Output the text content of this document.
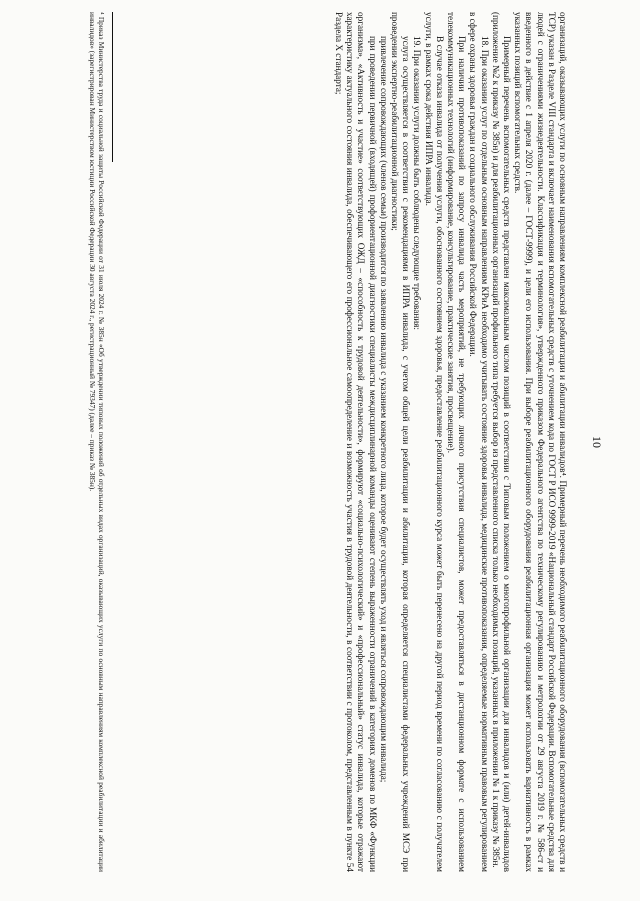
10

организаций, оказывающих услуги по основным направлениям комплексной реабилитации и абилитации инвалидов⁴. Примерный перечень необходимого реабилитационного оборудования (вспомогательных средств и ТСР) указан в Разделе VIII стандарта и включает наименования вспомогательных средств с уточнением кода по ГОСТ Р ИСО 9999-2019 «Национальный стандарт Российской Федерации. Вспомогательные средства для людей с ограничениями жизнедеятельности. Классификация и терминология», утвержденного приказом Федерального агентства по техническому регулированию и метрологии от 29 августа 2019 г. № 586-ст и введенного в действие с 1 апреля 2020 г. (далее – ГОСТ-9999), и цели его использования. При выборе реабилитационного оборудования реабилитационная организация может использовать вариативность в рамках указанных позиций вспомогательных средств.

Примерный перечень вспомогательных средств представлен максимальным числом позиций в соответствии с Типовым положением о многопрофильной организации для инвалидов и (или) детей-инвалидов (приложение №2 к приказу № 385н) и для реабилитационных организаций профильного типа требуется выбор из представленного списка только необходимых позиций, указанных в приложении № 1 к приказу № 385н.

18. При оказании услуг по отдельным основным направлениям КРиА необходимо учитывать состояние здоровья инвалида, медицинские противопоказания, определяемые нормативным правовым регулированием в сфере охраны здоровья граждан и социального обслуживания Российской Федерации.

При наличии противопоказаний по запросу инвалида часть мероприятий, не требующих личного присутствия специалистов, может предоставляться в дистанционном формате с использованием телекоммуникационных технологий (информирование, консультирование, практические занятия, просвещение).

В случае отказа инвалида от получения услуги, обоснованного состоянием здоровья, предоставление реабилитационного курса может быть перенесено на другой период времени по согласованию с получателем услуги, в рамках срока действия ИПРА инвалида.

19. При оказании услуги должны быть соблюдены следующие требования:

услуга осуществляется в соответствии с рекомендациями в ИПРА инвалида, с учетом общей цели реабилитации и абилитации, которая определяется специалистами федеральных учреждений МСЭ при проведении экспертно-реабилитационной диагностики;

привлечение сопровождающих (членов семьи) производится по заявлению инвалида с указанием конкретного лица, которое будет осуществлять уход и являться сопровождающим инвалида;

при проведении первичной (входящей) профориентационной диагностики специалисты междисциплинарной команды оценивают степень выраженности ограничений в категориях доменов по МКФ «Функции организма», «Активность и участие» соответствующих ОЖД – «способность к трудовой деятельности», формируют «социально-психологический» и «профессиональный» статус инвалида, которые отражают характеристику актуального состояния инвалида, обеспечивающего его профессиональное самоопределение и возможность участия в трудовой деятельности, в соответствии с протоколом, представленным в пункте 54 Раздела X стандарта;

⁴ Приказ Министерства труда и социальной защиты Российской Федерации от 31 июля 2024 г. № 385н «Об утверждении типовых положений об отдельных видах организаций, оказывающих услуги по основным направлениям комплексной реабилитации и абилитации инвалидов» (зарегистрирован Министерством юстиции Российской Федерации 30 августа 2024 г., регистрационный № 79347) (далее – приказ № 385н).
